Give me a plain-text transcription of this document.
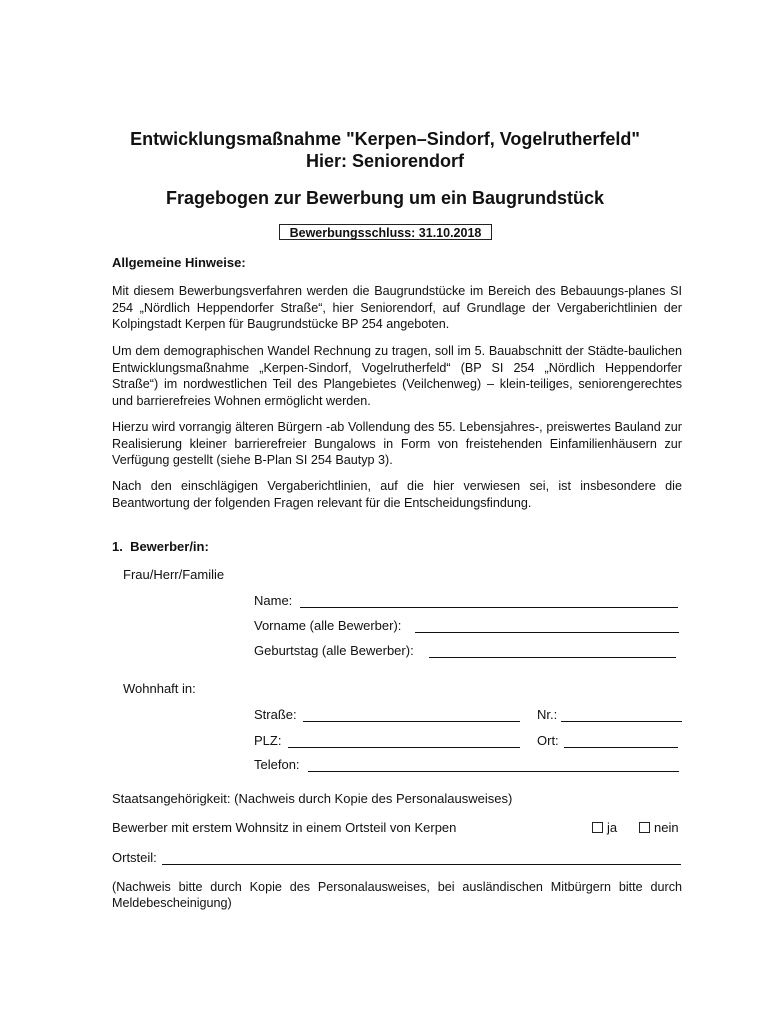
Entwicklungsmaßnahme "Kerpen–Sindorf, Vogelrutherfeld"
Hier: Seniorendorf
Fragebogen zur Bewerbung um ein Baugrundstück
Bewerbungsschluss: 31.10.2018
Allgemeine Hinweise:
Mit diesem Bewerbungsverfahren werden die Baugrundstücke im Bereich des Bebauungs-planes SI 254 „Nördlich Heppendorfer Straße“, hier Seniorendorf, auf Grundlage der Vergaberichtlinien der Kolpingstadt Kerpen für Baugrundstücke BP 254 angeboten.
Um dem demographischen Wandel Rechnung zu tragen, soll im 5. Bauabschnitt der Städte-baulichen Entwicklungsmaßnahme „Kerpen-Sindorf, Vogelrutherfeld“ (BP SI 254 „Nördlich Heppendorfer Straße“) im nordwestlichen Teil des Plangebietes (Veilchenweg) – klein-teiliges, seniorengerechtes und barrierefreies Wohnen ermöglicht werden.
Hierzu wird vorrangig älteren Bürgern -ab Vollendung des 55. Lebensjahres-, preiswertes Bauland zur Realisierung kleiner barrierefreier Bungalows in Form von freistehenden Einfamilienhäusern zur Verfügung gestellt (siehe B-Plan SI 254 Bautyp 3).
Nach den einschlägigen Vergaberichtlinien, auf die hier verwiesen sei, ist insbesondere die Beantwortung der folgenden Fragen relevant für die Entscheidungsfindung.
1.  Bewerber/in:
Frau/Herr/Familie
Name:
Vorname (alle Bewerber):
Geburtstag (alle Bewerber):
Wohnhaft in:
Straße:	Nr.:
PLZ:	Ort:
Telefon:
Staatsangehörigkeit: (Nachweis durch Kopie des Personalausweises)
Bewerber mit erstem Wohnsitz in einem Ortsteil von Kerpen	ja	nein
Ortsteil:
(Nachweis bitte durch Kopie des Personalausweises, bei ausländischen Mitbürgern bitte durch Meldebescheinigung)
